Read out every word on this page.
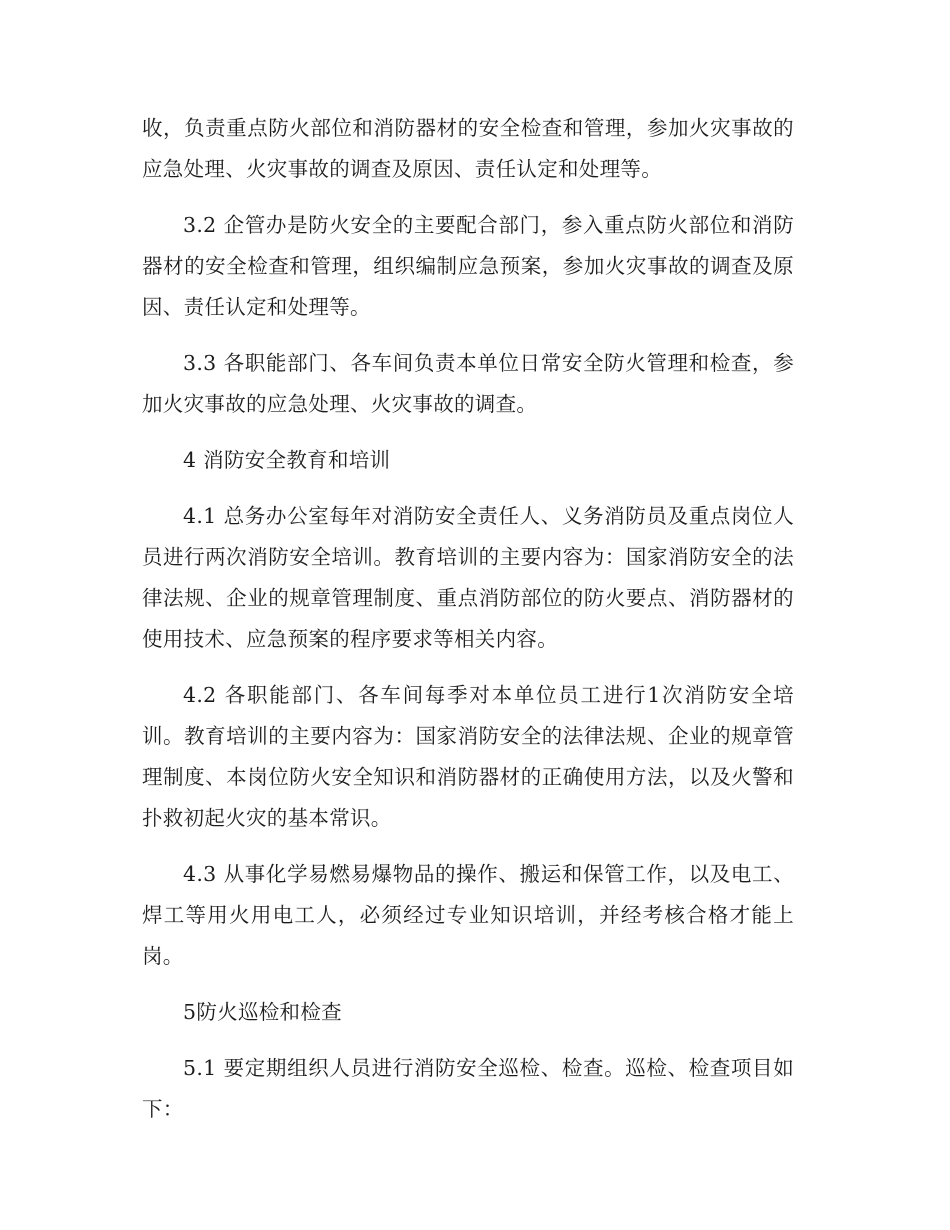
收，负责重点防火部位和消防器材的安全检查和管理，参加火灾事故的应急处理、火灾事故的调查及原因、责任认定和处理等。

3.2 企管办是防火安全的主要配合部门，参入重点防火部位和消防器材的安全检查和管理，组织编制应急预案，参加火灾事故的调查及原因、责任认定和处理等。

3.3 各职能部门、各车间负责本单位日常安全防火管理和检查，参加火灾事故的应急处理、火灾事故的调查。

4 消防安全教育和培训

4.1 总务办公室每年对消防安全责任人、义务消防员及重点岗位人员进行两次消防安全培训。教育培训的主要内容为：国家消防安全的法律法规、企业的规章管理制度、重点消防部位的防火要点、消防器材的使用技术、应急预案的程序要求等相关内容。

4.2 各职能部门、各车间每季对本单位员工进行1次消防安全培训。教育培训的主要内容为：国家消防安全的法律法规、企业的规章管理制度、本岗位防火安全知识和消防器材的正确使用方法，以及火警和扑救初起火灾的基本常识。

4.3 从事化学易燃易爆物品的操作、搬运和保管工作，以及电工、焊工等用火用电工人，必须经过专业知识培训，并经考核合格才能上岗。

5防火巡检和检查

5.1 要定期组织人员进行消防安全巡检、检查。巡检、检查项目如下：
